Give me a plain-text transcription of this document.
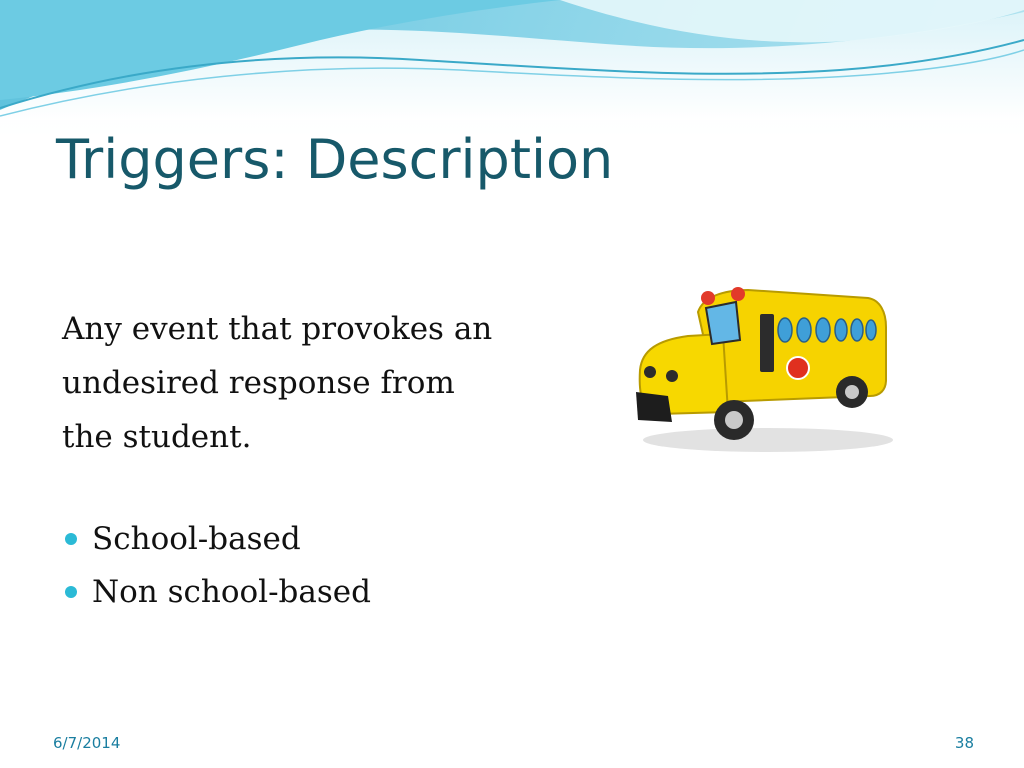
Triggers: Description
Any event that provokes an
undesired response from
the student.
School-based
Non school-based
6/7/2014	38
